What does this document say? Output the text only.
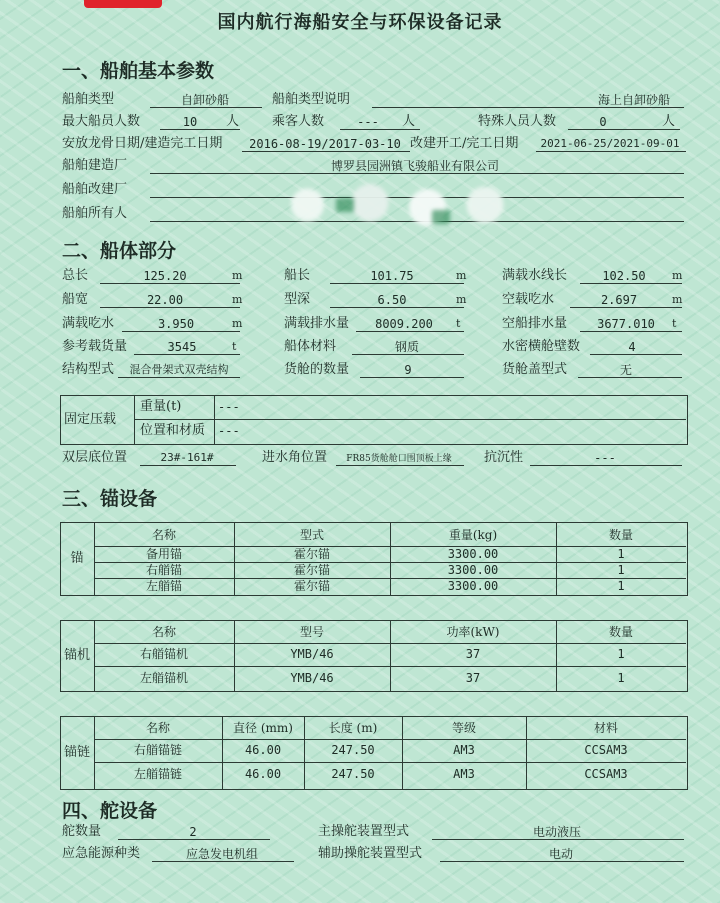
国内航行海船安全与环保设备记录
一、船舶基本参数
船舶类型	自卸砂船	船舶类型说明	海上自卸砂船
最大船员人数	10	人	乘客人数	---	人	特殊人员人数	0	人
安放龙骨日期/建造完工日期	2016-08-19/2017-03-10 改建开工/完工日期	2021-06-25/2021-09-01
船舶建造厂	博罗县园洲镇飞骏船业有限公司
船舶改建厂
船舶所有人
二、船体部分
总长	125.20	m	船长	101.75	m	满载水线长	102.50	m
船宽	22.00	m	型深	6.50	m	空载吃水	2.697	m
满载吃水	3.950	m	满载排水量	8009.200	t	空船排水量	3677.010	t
参考载货量	3545	t	船体材料	钢质	水密横舱壁数	4
结构型式	混合骨架式双壳结构	货舱的数量	9	货舱盖型式	无
固定压载
重量(t)	---
位置和材质 ---
双层底位置	23#-161#	进水角位置	FR85货舱舱口围顶板上缘	抗沉性	---
三、锚设备
锚
名称	型式	重量(kg)	数量
备用锚	霍尔锚	3300.00	1
右艏锚	霍尔锚	3300.00	1
左艏锚	霍尔锚	3300.00	1
锚机
名称	型号	功率(kW)	数量
右艏锚机	YMB/46	37	1
左艏锚机	YMB/46	37	1
锚链
名称	直径 (mm)	长度 (m)	等级	材料
右艏锚链	46.00	247.50	AM3	CCSAM3
左艏锚链	46.00	247.50	AM3	CCSAM3
四、舵设备
舵数量	2	主操舵装置型式	电动液压
应急能源种类	应急发电机组	辅助操舵装置型式	电动
